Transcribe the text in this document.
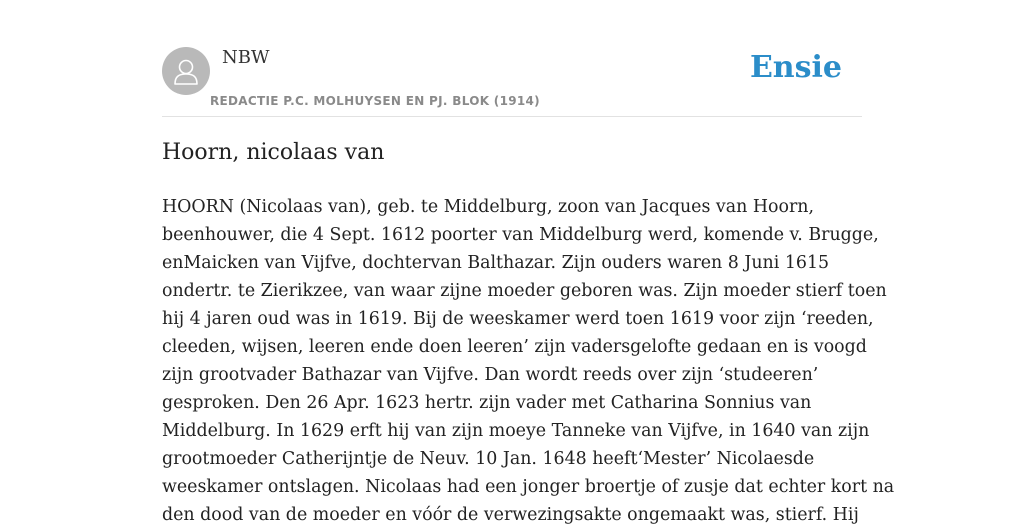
NBW
REDACTIE P.C. MOLHUYSEN EN PJ. BLOK (1914)
Ensie
Hoorn, nicolaas van

HOORN (Nicolaas van), geb. te Middelburg, zoon van Jacques van Hoorn,
beenhouwer, die 4 Sept. 1612 poorter van Middelburg werd, komende v. Brugge,
enMaicken van Vijfve, dochtervan Balthazar. Zijn ouders waren 8 Juni 1615
ondertr. te Zierikzee, van waar zijne moeder geboren was. Zijn moeder stierf toen
hij 4 jaren oud was in 1619. Bij de weeskamer werd toen 1619 voor zijn ‘reeden,
cleeden, wijsen, leeren ende doen leeren’ zijn vadersgelofte gedaan en is voogd
zijn grootvader Bathazar van Vijfve. Dan wordt reeds over zijn ‘studeeren’
gesproken. Den 26 Apr. 1623 hertr. zijn vader met Catharina Sonnius van
Middelburg. In 1629 erft hij van zijn moeye Tanneke van Vijfve, in 1640 van zijn
grootmoeder Catherijntje de Neuv. 10 Jan. 1648 heeft‘Mester’ Nicolaesde
weeskamer ontslagen. Nicolaas had een jonger broertje of zusje dat echter kort na
den dood van de moeder en vóór de verwezingsakte ongemaakt was, stierf. Hij
